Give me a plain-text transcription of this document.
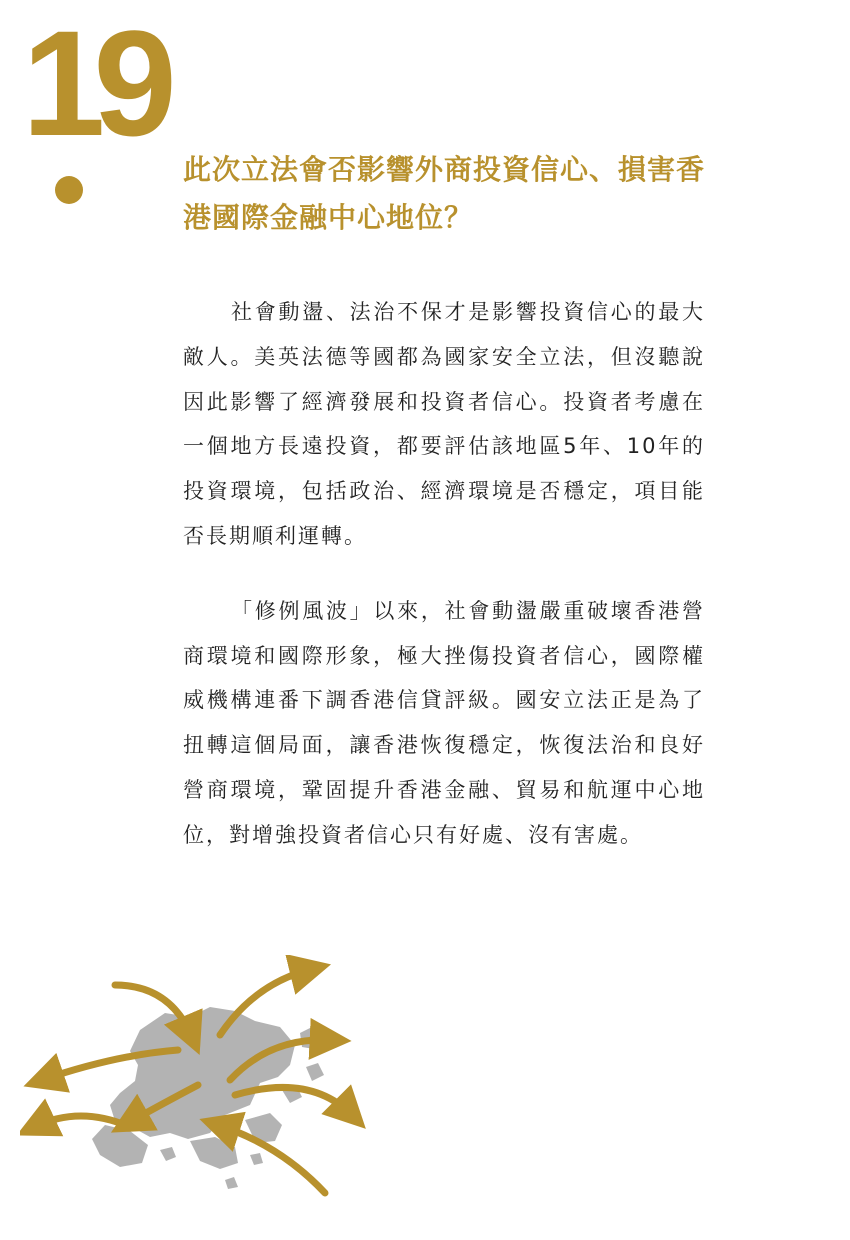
19
此次立法會否影響外商投資信心、損害香港國際金融中心地位？

社會動盪、法治不保才是影響投資信心的最大敵人。美英法德等國都為國家安全立法，但沒聽說因此影響了經濟發展和投資者信心。投資者考慮在一個地方長遠投資，都要評估該地區5年、10年的投資環境，包括政治、經濟環境是否穩定，項目能否長期順利運轉。

「修例風波」以來，社會動盪嚴重破壞香港營商環境和國際形象，極大挫傷投資者信心，國際權威機構連番下調香港信貸評級。國安立法正是為了扭轉這個局面，讓香港恢復穩定，恢復法治和良好營商環境，鞏固提升香港金融、貿易和航運中心地位，對增強投資者信心只有好處、沒有害處。
